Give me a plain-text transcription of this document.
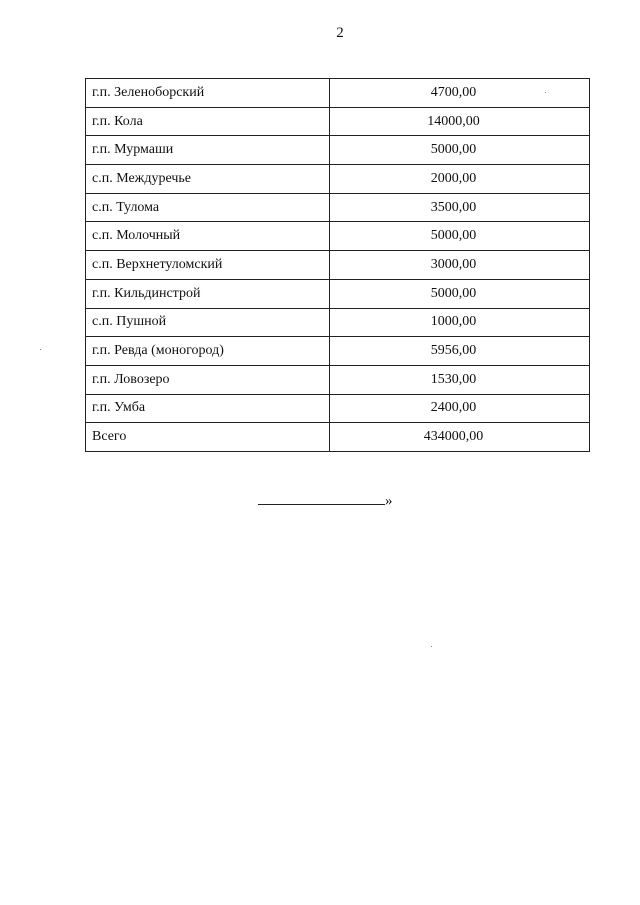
2
г.п. Зеленоборский	4700,00
г.п. Кола	14000,00
г.п. Мурмаши	5000,00
с.п. Междуречье	2000,00
с.п. Тулома	3500,00
с.п. Молочный	5000,00
с.п. Верхнетуломский	3000,00
г.п. Кильдинстрой	5000,00
с.п. Пушной	1000,00
г.п. Ревда (моногород)	5956,00
г.п. Ловозеро	1530,00
г.п. Умба	2400,00
Всего	434000,00
»
